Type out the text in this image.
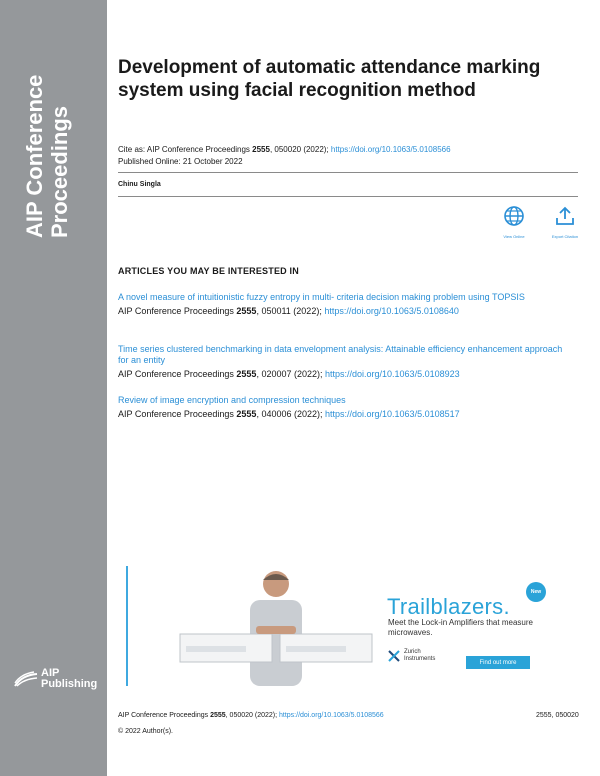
AIP Conference Proceedings
AIP
Publishing
Development of automatic attendance marking system using facial recognition method
Cite as: AIP Conference Proceedings 2555, 050020 (2022); https://doi.org/10.1063/5.0108566
Published Online: 21 October 2022
Chinu Singla
View Online	Export Citation
ARTICLES YOU MAY BE INTERESTED IN
A novel measure of intuitionistic fuzzy entropy in multi- criteria decision making problem using TOPSIS
AIP Conference Proceedings 2555, 050011 (2022); https://doi.org/10.1063/5.0108640
Time series clustered benchmarking in data envelopment analysis: Attainable efficiency enhancement approach for an entity
AIP Conference Proceedings 2555, 020007 (2022); https://doi.org/10.1063/5.0108923
Review of image encryption and compression techniques
AIP Conference Proceedings 2555, 040006 (2022); https://doi.org/10.1063/5.0108517
New
Trailblazers.
Meet the Lock-in Amplifiers that measure microwaves.
Zurich
Instruments
Find out more
AIP Conference Proceedings 2555, 050020 (2022); https://doi.org/10.1063/5.0108566	2555, 050020
© 2022 Author(s).
